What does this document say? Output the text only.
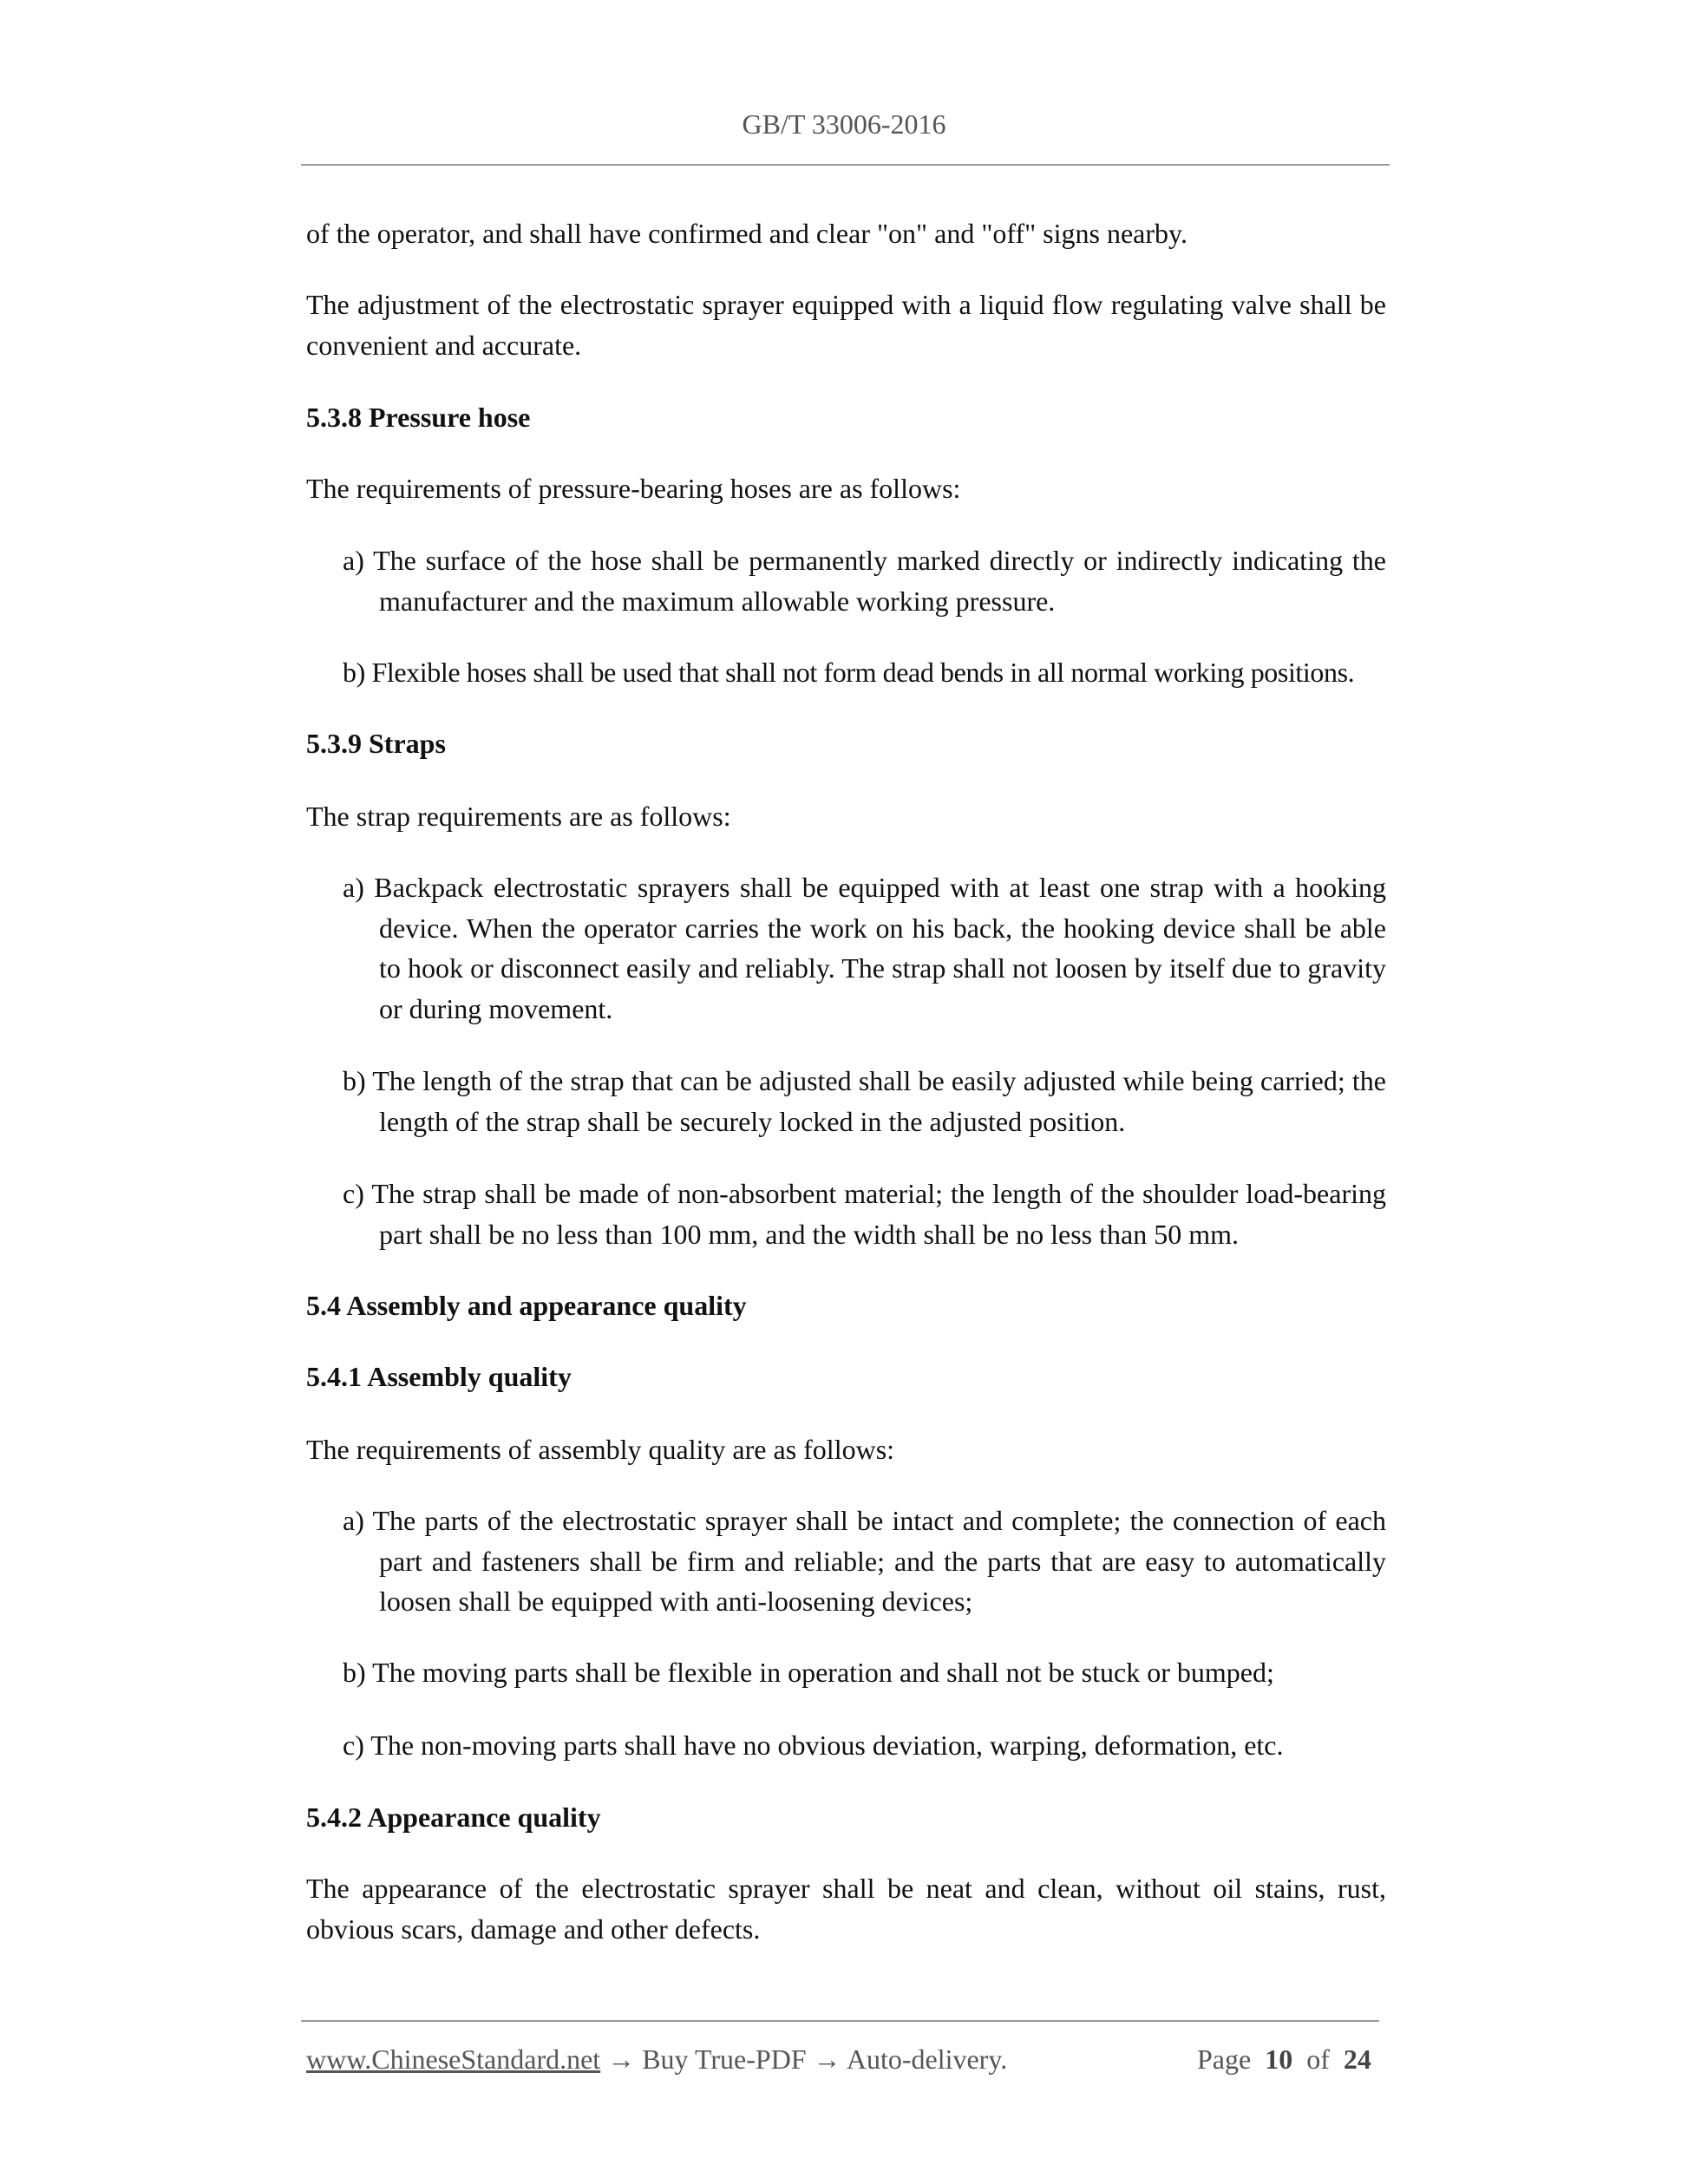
GB/T 33006-2016
of the operator, and shall have confirmed and clear "on" and "off" signs nearby.
The adjustment of the electrostatic sprayer equipped with a liquid flow regulating valve shall be convenient and accurate.
5.3.8 Pressure hose
The requirements of pressure-bearing hoses are as follows:
a) The surface of the hose shall be permanently marked directly or indirectly indicating the manufacturer and the maximum allowable working pressure.
b) Flexible hoses shall be used that shall not form dead bends in all normal working positions.
5.3.9 Straps
The strap requirements are as follows:
a) Backpack electrostatic sprayers shall be equipped with at least one strap with a hooking device. When the operator carries the work on his back, the hooking device shall be able to hook or disconnect easily and reliably. The strap shall not loosen by itself due to gravity or during movement.
b) The length of the strap that can be adjusted shall be easily adjusted while being carried; the length of the strap shall be securely locked in the adjusted position.
c) The strap shall be made of non-absorbent material; the length of the shoulder load-bearing part shall be no less than 100 mm, and the width shall be no less than 50 mm.
5.4 Assembly and appearance quality
5.4.1 Assembly quality
The requirements of assembly quality are as follows:
a) The parts of the electrostatic sprayer shall be intact and complete; the connection of each part and fasteners shall be firm and reliable; and the parts that are easy to automatically loosen shall be equipped with anti-loosening devices;
b) The moving parts shall be flexible in operation and shall not be stuck or bumped;
c) The non-moving parts shall have no obvious deviation, warping, deformation, etc.
5.4.2 Appearance quality
The appearance of the electrostatic sprayer shall be neat and clean, without oil stains, rust, obvious scars, damage and other defects.
www.ChineseStandard.net → Buy True-PDF → Auto-delivery.	Page 10 of 24
